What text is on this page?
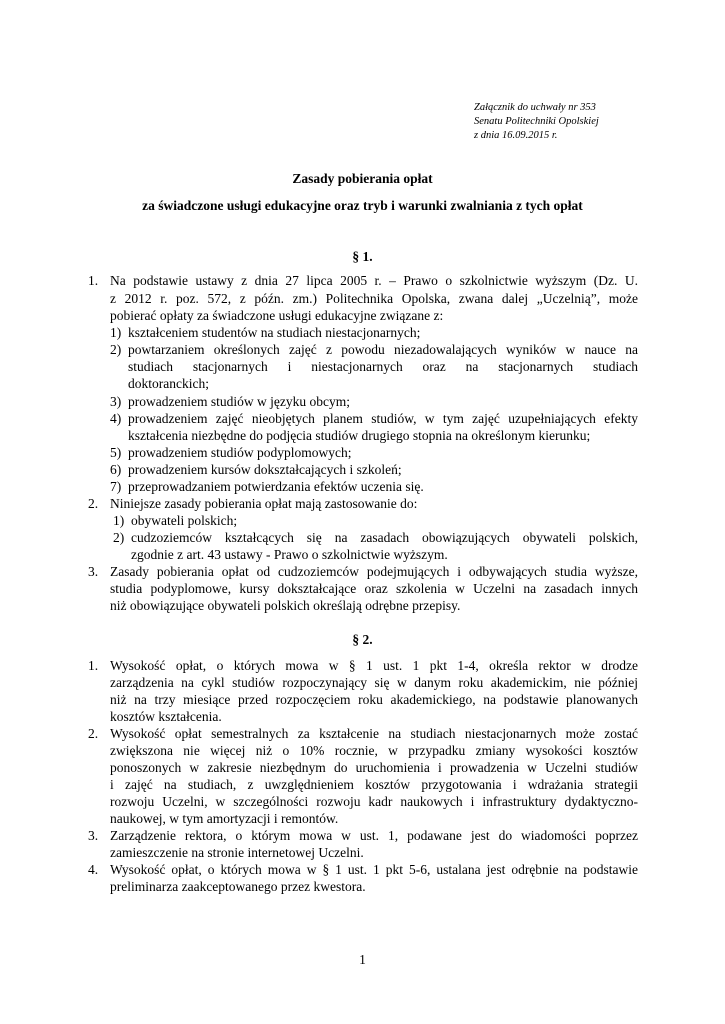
Załącznik do uchwały nr 353
Senatu Politechniki Opolskiej
z dnia 16.09.2015 r.
Zasady pobierania opłat
za świadczone usługi edukacyjne oraz tryb i warunki zwalniania z tych opłat
§ 1.
1. Na podstawie ustawy z dnia 27 lipca 2005 r. – Prawo o szkolnictwie wyższym (Dz. U.
z 2012 r. poz. 572, z późn. zm.) Politechnika Opolska, zwana dalej „Uczelnią”, może
pobierać opłaty za świadczone usługi edukacyjne związane z:
1) kształceniem studentów na studiach niestacjonarnych;
2) powtarzaniem określonych zajęć z powodu niezadowalających wyników w nauce na
studiach stacjonarnych i niestacjonarnych oraz na stacjonarnych studiach
doktoranckich;
3) prowadzeniem studiów w języku obcym;
4) prowadzeniem zajęć nieobjętych planem studiów, w tym zajęć uzupełniających efekty
kształcenia niezbędne do podjęcia studiów drugiego stopnia na określonym kierunku;
5) prowadzeniem studiów podyplomowych;
6) prowadzeniem kursów dokształcających i szkoleń;
7) przeprowadzaniem potwierdzania efektów uczenia się.
2. Niniejsze zasady pobierania opłat mają zastosowanie do:
1) obywateli polskich;
2) cudzoziemców kształcących się na zasadach obowiązujących obywateli polskich,
zgodnie z art. 43 ustawy - Prawo o szkolnictwie wyższym.
3. Zasady pobierania opłat od cudzoziemców podejmujących i odbywających studia wyższe,
studia podyplomowe, kursy dokształcające oraz szkolenia w Uczelni na zasadach innych
niż obowiązujące obywateli polskich określają odrębne przepisy.
§ 2.
1. Wysokość opłat, o których mowa w § 1 ust. 1 pkt 1-4, określa rektor w drodze
zarządzenia na cykl studiów rozpoczynający się w danym roku akademickim, nie później
niż na trzy miesiące przed rozpoczęciem roku akademickiego, na podstawie planowanych
kosztów kształcenia.
2. Wysokość opłat semestralnych za kształcenie na studiach niestacjonarnych może zostać
zwiększona nie więcej niż o 10% rocznie, w przypadku zmiany wysokości kosztów
ponoszonych w zakresie niezbędnym do uruchomienia i prowadzenia w Uczelni studiów
i zajęć na studiach, z uwzględnieniem kosztów przygotowania i wdrażania strategii
rozwoju Uczelni, w szczególności rozwoju kadr naukowych i infrastruktury dydaktyczno-
naukowej, w tym amortyzacji i remontów.
3. Zarządzenie rektora, o którym mowa w ust. 1, podawane jest do wiadomości poprzez
zamieszczenie na stronie internetowej Uczelni.
4. Wysokość opłat, o których mowa w § 1 ust. 1 pkt 5-6, ustalana jest odrębnie na podstawie
preliminarza zaakceptowanego przez kwestora.
1
